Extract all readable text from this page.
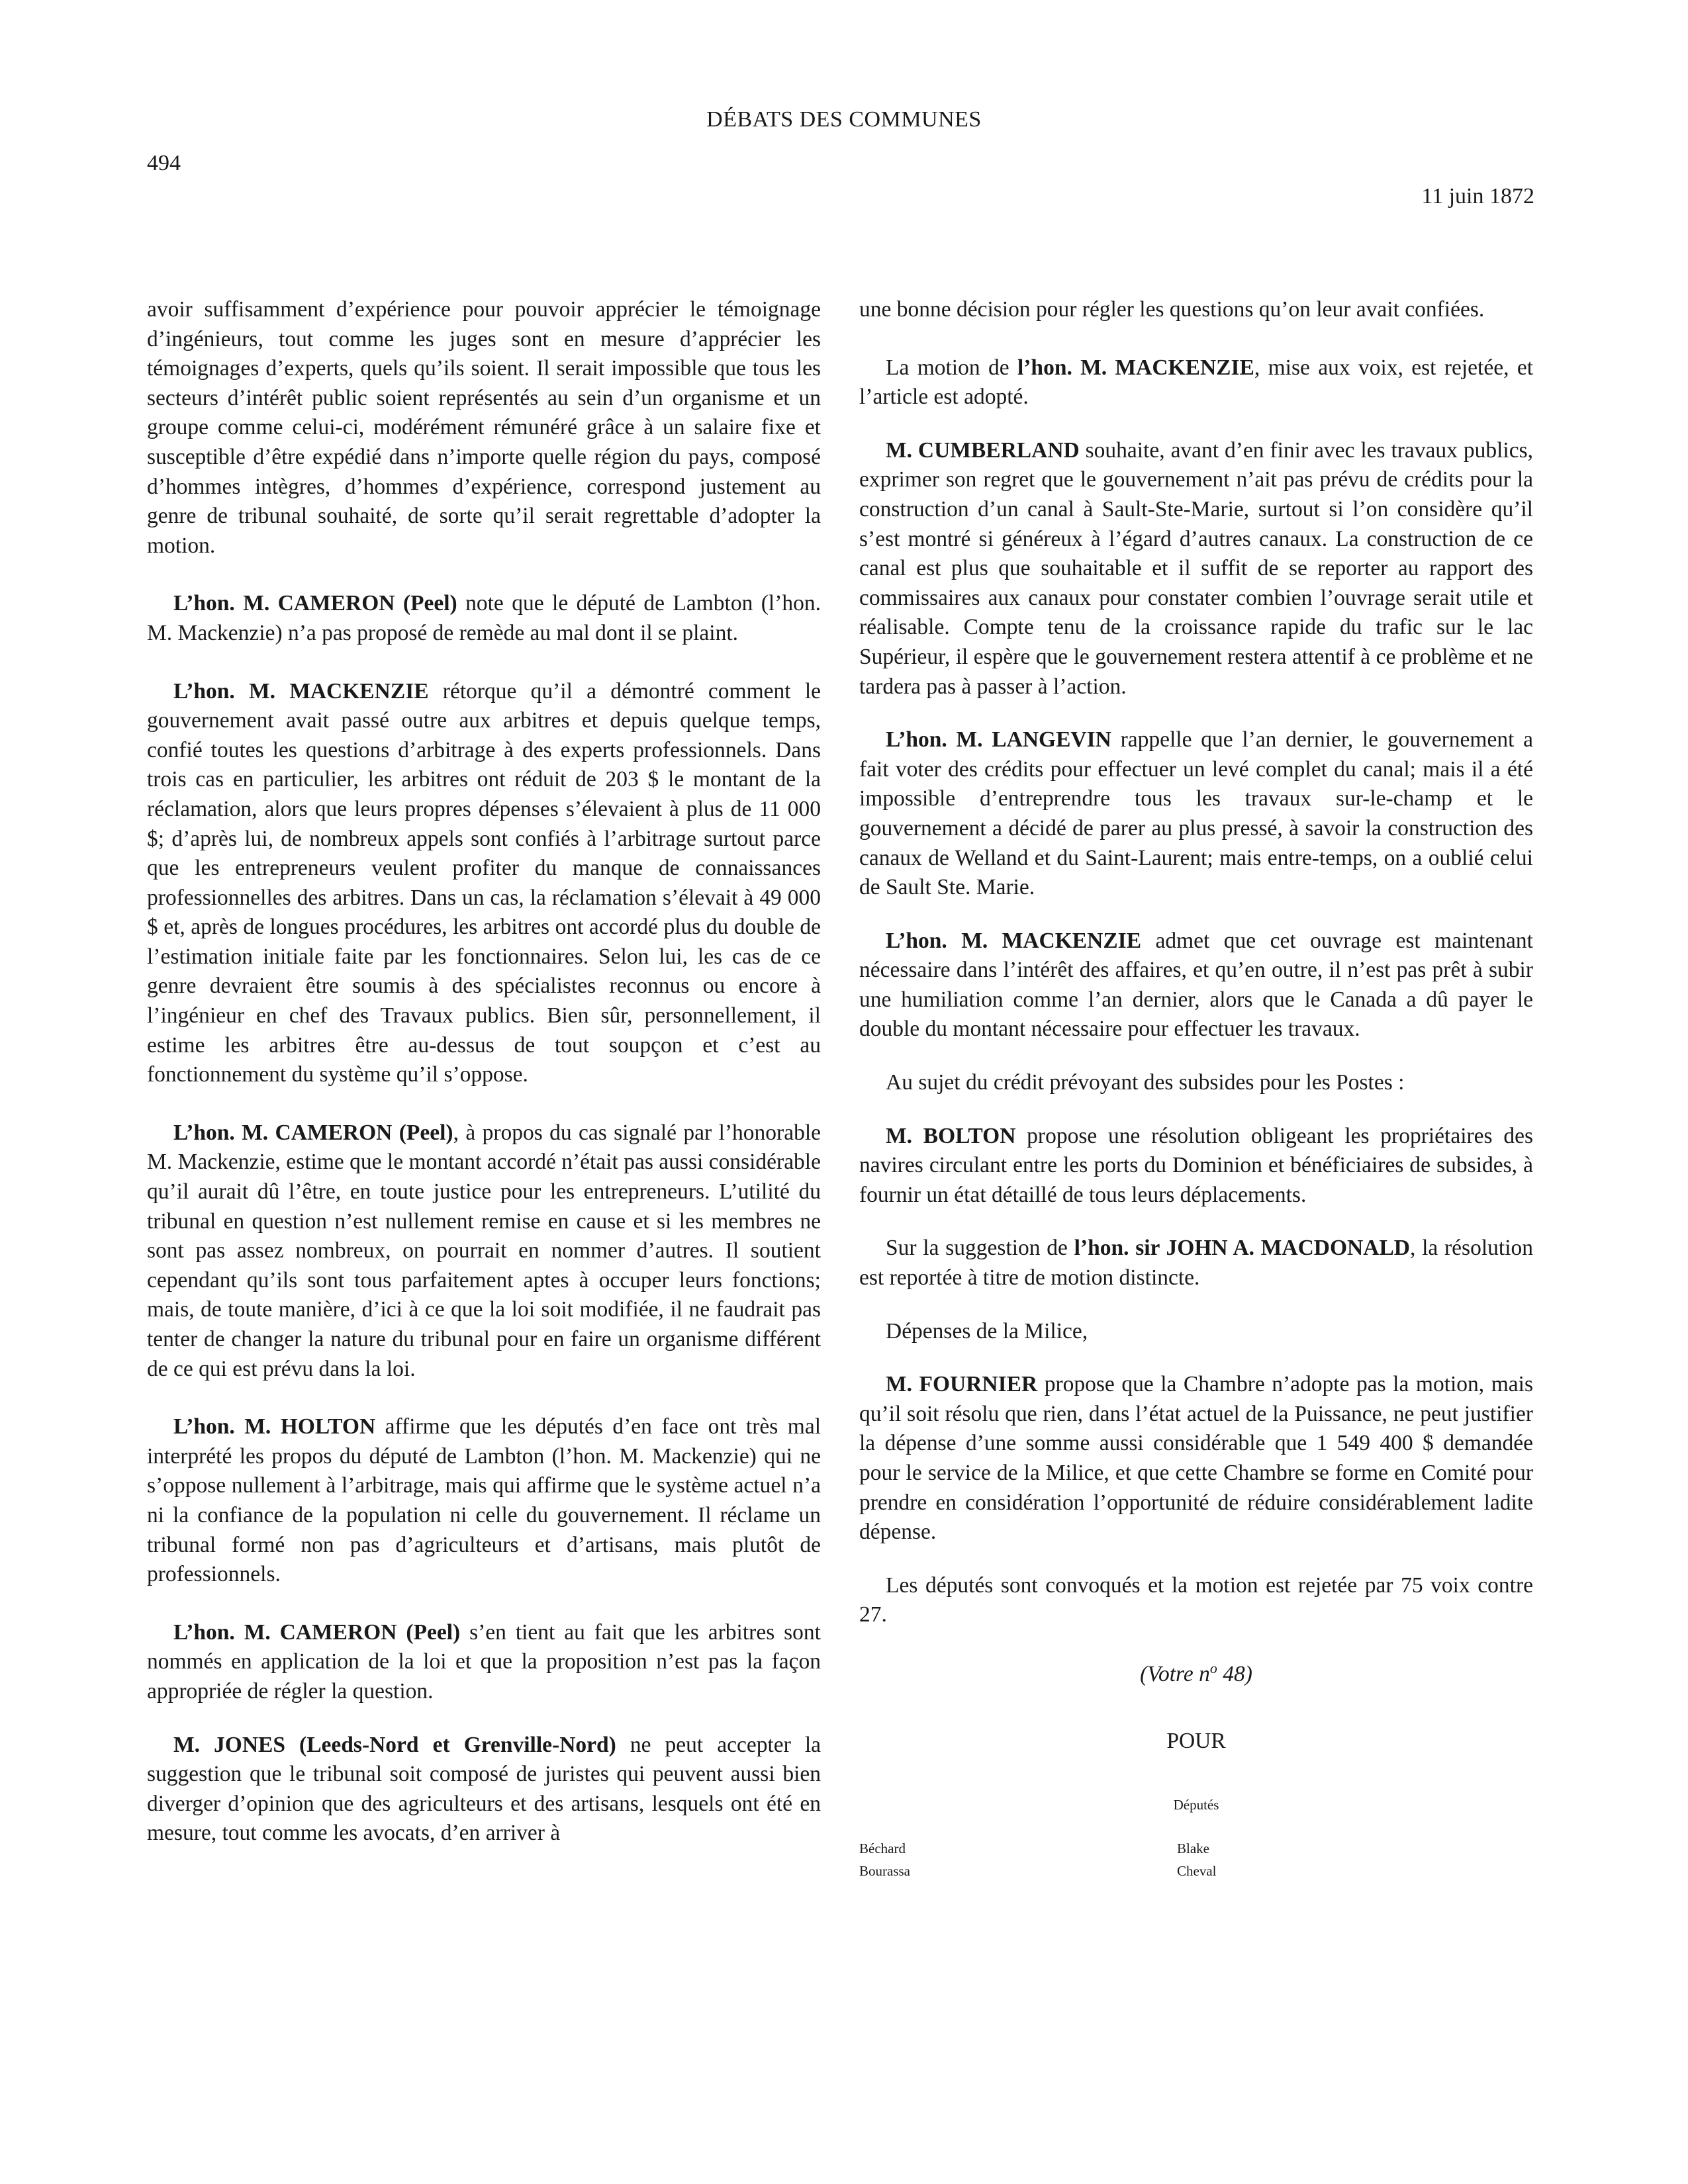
DÉBATS DES COMMUNES
494
11 juin 1872

avoir suffisamment d’expérience pour pouvoir apprécier le témoignage d’ingénieurs, tout comme les juges sont en mesure d’apprécier les témoignages d’experts, quels qu’ils soient. Il serait impossible que tous les secteurs d’intérêt public soient représentés au sein d’un organisme et un groupe comme celui-ci, modérément rémunéré grâce à un salaire fixe et susceptible d’être expédié dans n’importe quelle région du pays, composé d’hommes intègres, d’hommes d’expérience, correspond justement au genre de tribunal souhaité, de sorte qu’il serait regrettable d’adopter la motion.

L’hon. M. CAMERON (Peel) note que le député de Lambton (l’hon. M. Mackenzie) n’a pas proposé de remède au mal dont il se plaint.

L’hon. M. MACKENZIE rétorque qu’il a démontré comment le gouvernement avait passé outre aux arbitres et depuis quelque temps, confié toutes les questions d’arbitrage à des experts professionnels. Dans trois cas en particulier, les arbitres ont réduit de 203 $ le montant de la réclamation, alors que leurs propres dépenses s’élevaient à plus de 11 000 $; d’après lui, de nombreux appels sont confiés à l’arbitrage surtout parce que les entrepreneurs veulent profiter du manque de connaissances professionnelles des arbitres. Dans un cas, la réclamation s’élevait à 49 000 $ et, après de longues procédures, les arbitres ont accordé plus du double de l’estimation initiale faite par les fonctionnaires. Selon lui, les cas de ce genre devraient être soumis à des spécialistes reconnus ou encore à l’ingénieur en chef des Travaux publics. Bien sûr, personnellement, il estime les arbitres être au-dessus de tout soupçon et c’est au fonctionnement du système qu’il s’oppose.

L’hon. M. CAMERON (Peel), à propos du cas signalé par l’honorable M. Mackenzie, estime que le montant accordé n’était pas aussi considérable qu’il aurait dû l’être, en toute justice pour les entrepreneurs. L’utilité du tribunal en question n’est nullement remise en cause et si les membres ne sont pas assez nombreux, on pourrait en nommer d’autres. Il soutient cependant qu’ils sont tous parfaitement aptes à occuper leurs fonctions; mais, de toute manière, d’ici à ce que la loi soit modifiée, il ne faudrait pas tenter de changer la nature du tribunal pour en faire un organisme différent de ce qui est prévu dans la loi.

L’hon. M. HOLTON affirme que les députés d’en face ont très mal interprété les propos du député de Lambton (l’hon. M. Mackenzie) qui ne s’oppose nullement à l’arbitrage, mais qui affirme que le système actuel n’a ni la confiance de la population ni celle du gouvernement. Il réclame un tribunal formé non pas d’agriculteurs et d’artisans, mais plutôt de professionnels.

L’hon. M. CAMERON (Peel) s’en tient au fait que les arbitres sont nommés en application de la loi et que la proposition n’est pas la façon appropriée de régler la question.

M. JONES (Leeds-Nord et Grenville-Nord) ne peut accepter la suggestion que le tribunal soit composé de juristes qui peuvent aussi bien diverger d’opinion que des agriculteurs et des artisans, lesquels ont été en mesure, tout comme les avocats, d’en arriver à

une bonne décision pour régler les questions qu’on leur avait confiées.

La motion de l’hon. M. MACKENZIE, mise aux voix, est rejetée, et l’article est adopté.

M. CUMBERLAND souhaite, avant d’en finir avec les travaux publics, exprimer son regret que le gouvernement n’ait pas prévu de crédits pour la construction d’un canal à Sault-Ste-Marie, surtout si l’on considère qu’il s’est montré si généreux à l’égard d’autres canaux. La construction de ce canal est plus que souhaitable et il suffit de se reporter au rapport des commissaires aux canaux pour constater combien l’ouvrage serait utile et réalisable. Compte tenu de la croissance rapide du trafic sur le lac Supérieur, il espère que le gouvernement restera attentif à ce problème et ne tardera pas à passer à l’action.

L’hon. M. LANGEVIN rappelle que l’an dernier, le gouvernement a fait voter des crédits pour effectuer un levé complet du canal; mais il a été impossible d’entreprendre tous les travaux sur-le-champ et le gouvernement a décidé de parer au plus pressé, à savoir la construction des canaux de Welland et du Saint-Laurent; mais entre-temps, on a oublié celui de Sault Ste. Marie.

L’hon. M. MACKENZIE admet que cet ouvrage est maintenant nécessaire dans l’intérêt des affaires, et qu’en outre, il n’est pas prêt à subir une humiliation comme l’an dernier, alors que le Canada a dû payer le double du montant nécessaire pour effectuer les travaux.

Au sujet du crédit prévoyant des subsides pour les Postes :

M. BOLTON propose une résolution obligeant les propriétaires des navires circulant entre les ports du Dominion et bénéficiaires de subsides, à fournir un état détaillé de tous leurs déplacements.

Sur la suggestion de l’hon. sir JOHN A. MACDONALD, la résolution est reportée à titre de motion distincte.

Dépenses de la Milice,

M. FOURNIER propose que la Chambre n’adopte pas la motion, mais qu’il soit résolu que rien, dans l’état actuel de la Puissance, ne peut justifier la dépense d’une somme aussi considérable que 1 549 400 $ demandée pour le service de la Milice, et que cette Chambre se forme en Comité pour prendre en considération l’opportunité de réduire considérablement ladite dépense.

Les députés sont convoqués et la motion est rejetée par 75 voix contre 27.

(Votre $n^o$ 48)
POUR
Députés
Béchard	Blake
Bourassa	Cheval
